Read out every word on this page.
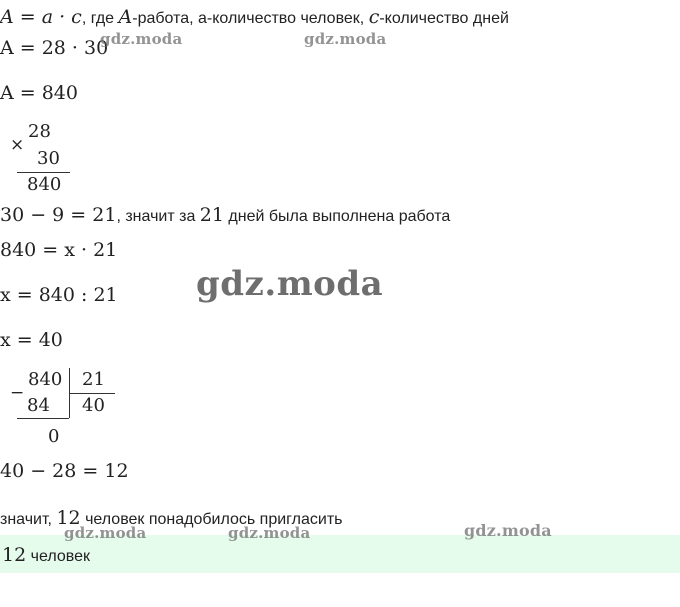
A = a · c, где A-работа, а-количество человек, c-количество дней
A = 28 · 30
A = 840
×
28
30
840
30 − 9 = 21, значит за 21 дней была выполнена работа
840 = x · 21
x = 840 : 21
x = 40
−
840 21
84 40
0
40 − 28 = 12
значит, 12 человек понадобилось пригласить
12 человек
gdz.moda	gdz.moda
gdz.moda
gdz.moda	gdz.moda	gdz.moda
